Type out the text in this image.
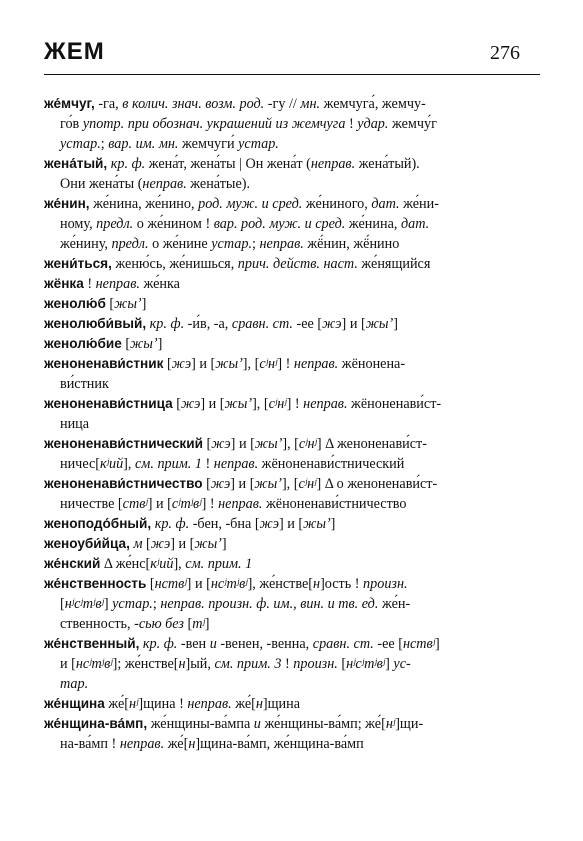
ЖЕМ	276
же́мчуг, -га, в колич. знач. возм. род. -гу // мн. жемчуга́, жемчу-
го́в употр. при обознач. украшений из жемчуга ! удар. жемчу́г
устар.; вар. им. мн. жемчуги́ устар.
жена́тый, кр. ф. жена́т, жена́ты | Он жена́т (неправ. жена́тый).
Они жена́ты (неправ. жена́тые).
же́нин, же́нина, же́нино, род. муж. и сред. же́нинoго, дат. же́ни-
ному, предл. о же́нином ! вар. род. муж. и сред. же́нина, дат.
же́нину, предл. о же́нине устар.; неправ. жё́нин, жё́нино
жени́ться, женю́сь, же́нишься, прич. действ. наст. же́нящийся
жёнка ! неправ. же́нка
женолю́б [жыʼ]
женолюби́вый, кр. ф. -и́в, -а, сравн. ст. -ее [жэ] и [жыʼ]
женолю́бие [жыʼ]
женоненави́стник [жэ] и [жыʼ], [сʲнʲ] ! неправ. жёнонена-
ви́стник
женоненави́стница [жэ] и [жыʼ], [сʲнʲ] ! неправ. жёноненави́ст-
ница
женоненави́стнический [жэ] и [жыʼ], [сʲнʲ] Δ женоненави́ст-
ничес[кʲий], см. прим. 1 ! неправ. жёноненави́стнический
женоненави́стничество [жэ] и [жыʼ], [сʲнʲ] Δ о женоненави́ст-
ничестве [ствʲ] и [сʲтʲвʲ] ! неправ. жёноненави́стничество
женоподо́бный, кр. ф. -бен, -бна [жэ] и [жыʼ]
женоуби́йца, м [жэ] и [жыʼ]
же́нский Δ же́нс[кʲий], см. прим. 1
же́нственность [нствʲ] и [нсʲтʲвʲ], же́нстве[н]ость ! произн.
[нʲсʲтʲвʲ] устар.; неправ. произн. ф. им., вин. и тв. ед. же́н-
ственность, -сью без [тʲ]
же́нственный, кр. ф. -вен и -венен, -венна, сравн. ст. -ее [нствʲ]
и [нсʲтʲвʲ]; же́нстве[н]ый, см. прим. 3 ! произн. [нʲсʲтʲвʲ] ус-
тар.
же́нщина же́[нʲ]щина ! неправ. же́[н]щина
же́нщина-ва́мп, же́нщины-ва́мпа и же́нщины-ва́мп; же́[нʲ]щи-
на-ва́мп ! неправ. же́[н]щина-ва́мп, же́нщина-ва́мп
